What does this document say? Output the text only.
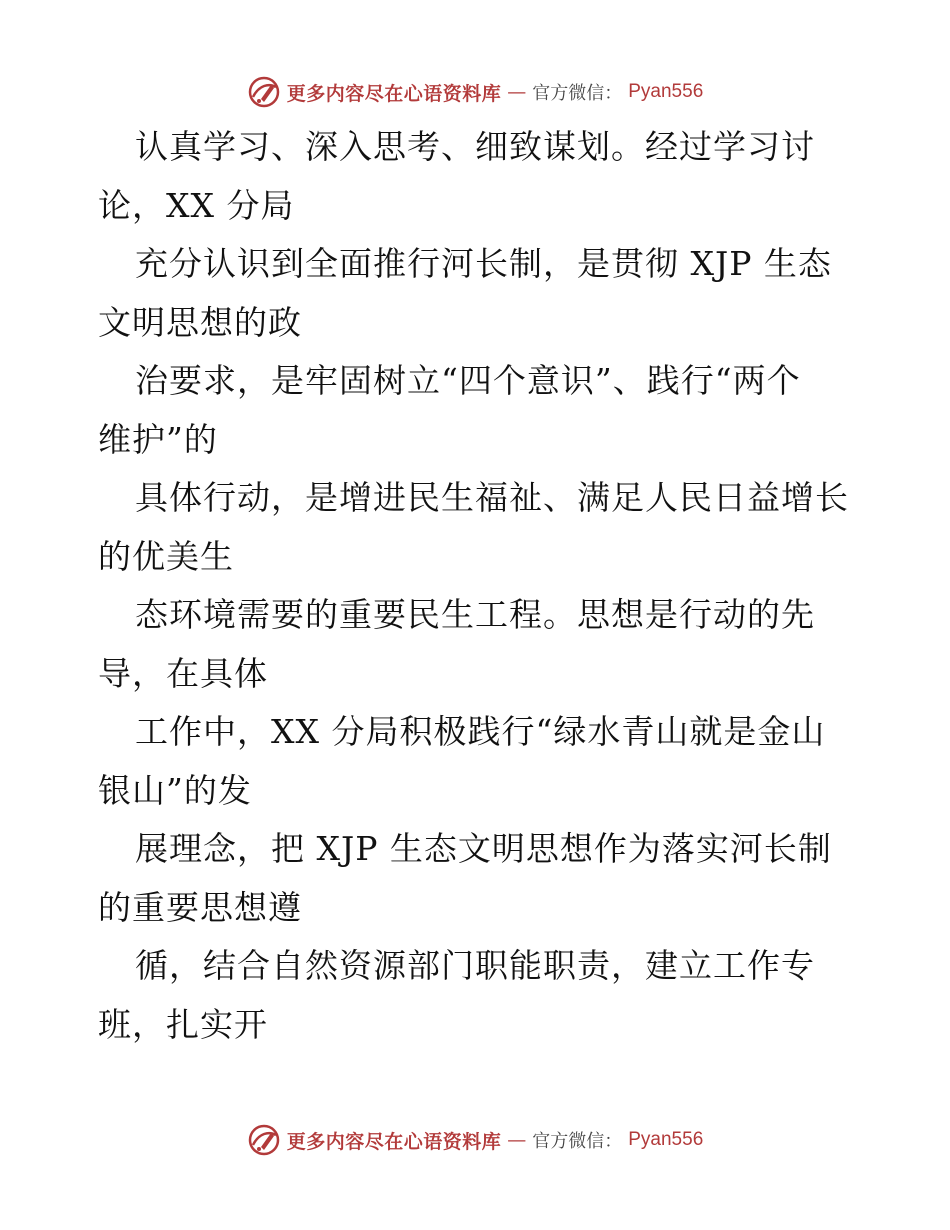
更多内容尽在心语资料库 — 官方微信： Pyan556
认真学习、深入思考、细致谋划。经过学习讨
论，XX 分局
充分认识到全面推行河长制，是贯彻 XJP 生态
文明思想的政
治要求，是牢固树立“四个意识”、践行“两个
维护”的
具体行动，是增进民生福祉、满足人民日益增长
的优美生
态环境需要的重要民生工程。思想是行动的先
导，在具体
工作中，XX 分局积极践行“绿水青山就是金山
银山”的发
展理念，把 XJP 生态文明思想作为落实河长制
的重要思想遵
循，结合自然资源部门职能职责，建立工作专
班，扎实开
更多内容尽在心语资料库 — 官方微信： Pyan556
